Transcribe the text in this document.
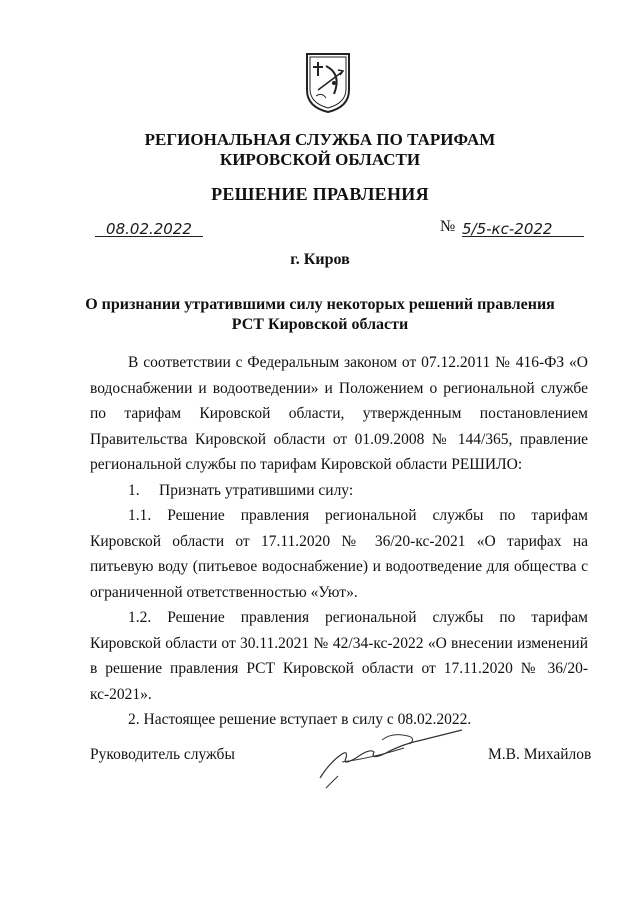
РЕГИОНАЛЬНАЯ СЛУЖБА ПО ТАРИФАМ
КИРОВСКОЙ ОБЛАСТИ
РЕШЕНИЕ ПРАВЛЕНИЯ
08.02.2022	№ 5/5-кс-2022
г. Киров
О признании утратившими силу некоторых решений правления
РСТ Кировской области

В соответствии с Федеральным законом от 07.12.2011 № 416-ФЗ «О водоснабжении и водоотведении» и Положением о региональной службе по тарифам Кировской области, утвержденным постановлением Правительства Кировской области от 01.09.2008 № 144/365, правление региональной службы по тарифам Кировской области РЕШИЛО:

1.     Признать утратившими силу:

1.1. Решение правления региональной службы по тарифам Кировской области от 17.11.2020 № 36/20-кс-2021 «О тарифах на питьевую воду (питьевое водоснабжение) и водоотведение для общества с ограниченной ответственностью «Уют».

1.2. Решение правления региональной службы по тарифам Кировской области от 30.11.2021 № 42/34-кс-2022 «О внесении изменений в решение правления РСТ Кировской области от 17.11.2020 № 36/20-кс-2021».

2. Настоящее решение вступает в силу с 08.02.2022.

Руководитель службы	М.В. Михайлов
